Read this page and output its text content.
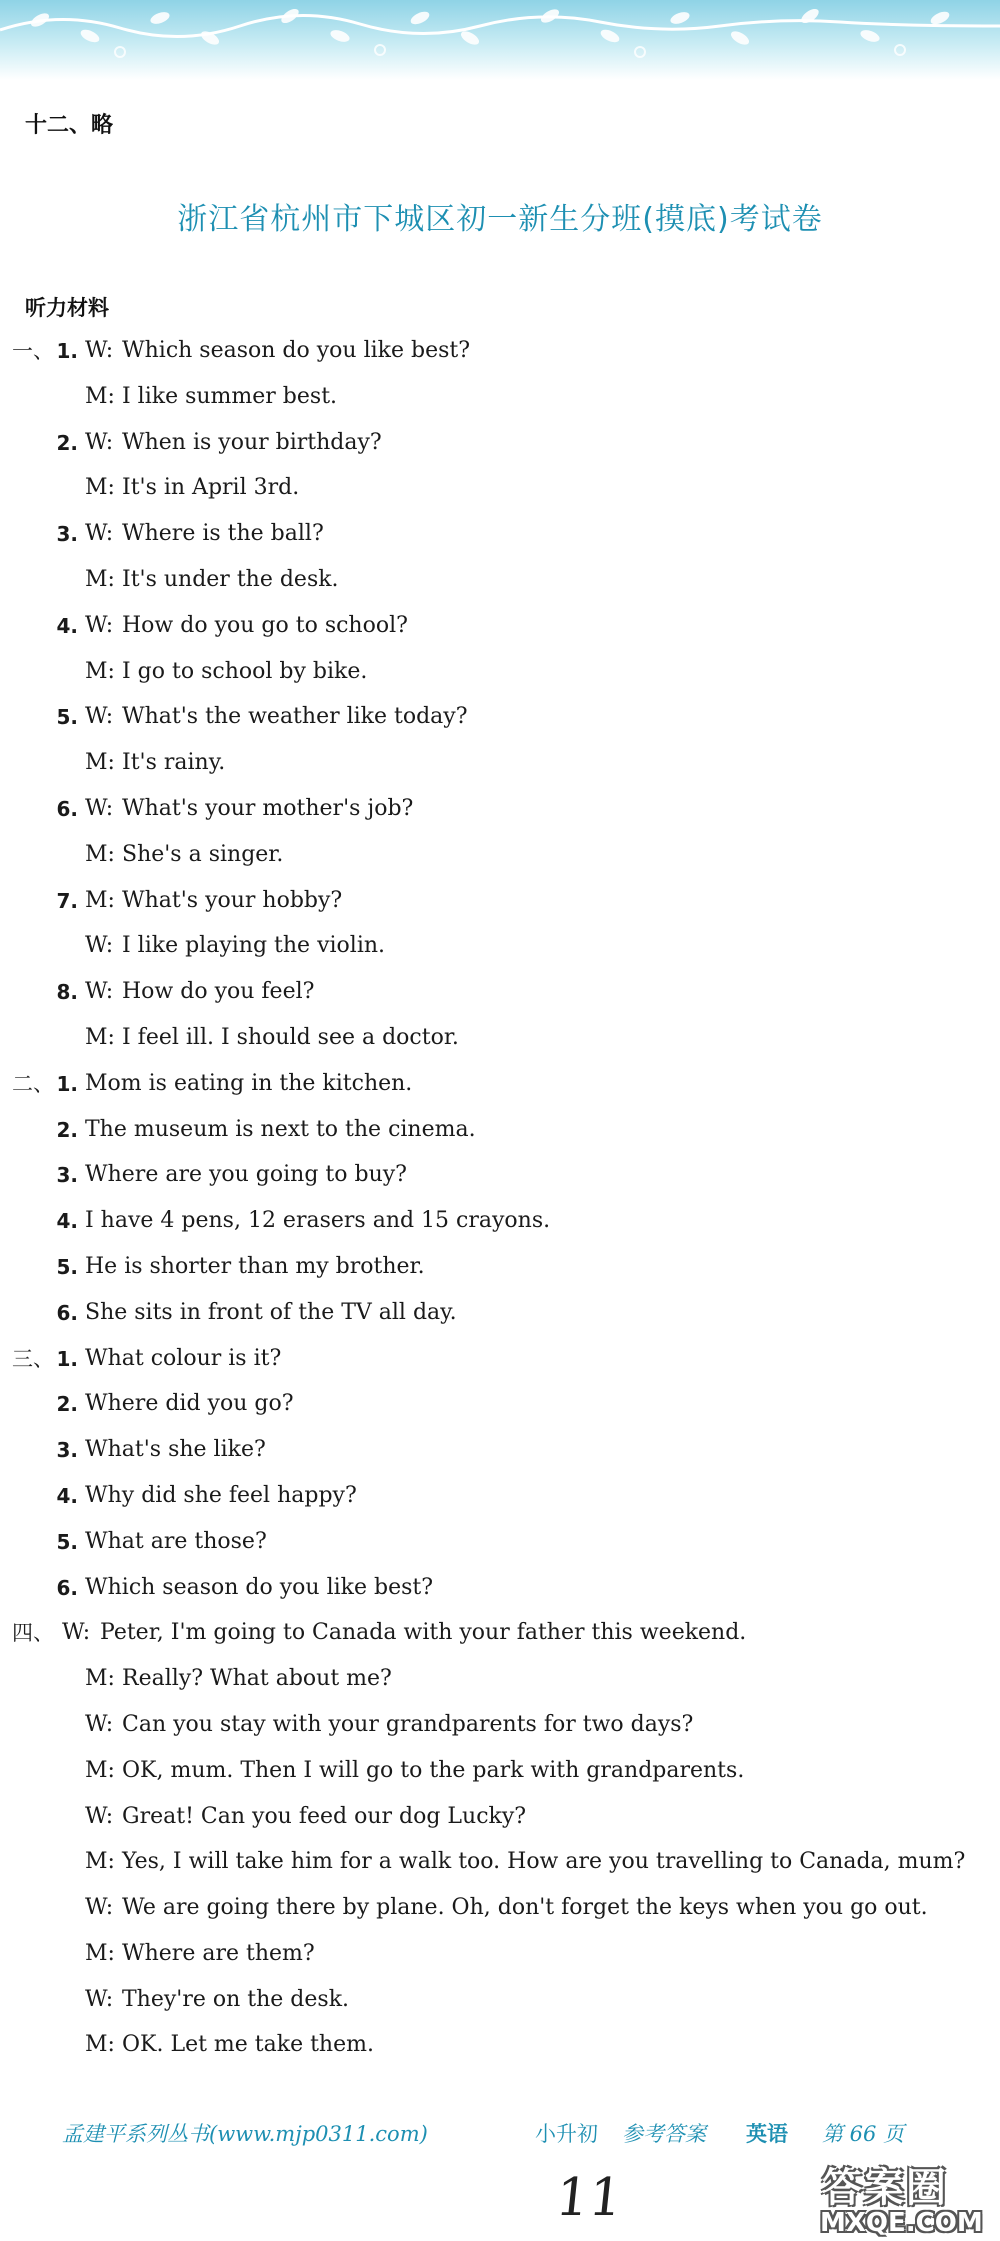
十二、略
浙江省杭州市下城区初一新生分班(摸底)考试卷
听力材料
一、 1. W: Which season do you like best?
M: I like summer best.
2. W: When is your birthday?
M: It's in April 3rd.
3. W: Where is the ball?
M: It's under the desk.
4. W: How do you go to school?
M: I go to school by bike.
5. W: What's the weather like today?
M: It's rainy.
6. W: What's your mother's job?
M: She's a singer.
7. M: What's your hobby?
W: I like playing the violin.
8. W: How do you feel?
M: I feel ill. I should see a doctor.
二、 1. Mom is eating in the kitchen.
2. The museum is next to the cinema.
3. Where are you going to buy?
4. I have 4 pens, 12 erasers and 15 crayons.
5. He is shorter than my brother.
6. She sits in front of the TV all day.
三、 1. What colour is it?
2. Where did you go?
3. What's she like?
4. Why did she feel happy?
5. What are those?
6. Which season do you like best?
四、 W: Peter, I'm going to Canada with your father this weekend.
M: Really? What about me?
W: Can you stay with your grandparents for two days?
M: OK, mum. Then I will go to the park with grandparents.
W: Great! Can you feed our dog Lucky?
M: Yes, I will take him for a walk too. How are you travelling to Canada, mum?
W: We are going there by plane. Oh, don't forget the keys when you go out.
M: Where are them?
W: They're on the desk.
M: OK. Let me take them.
孟建平系列丛书(www.mjp0311.com)	小升初 参考答案 英语 第 66 页
11	答案圈
MXQE.COM
